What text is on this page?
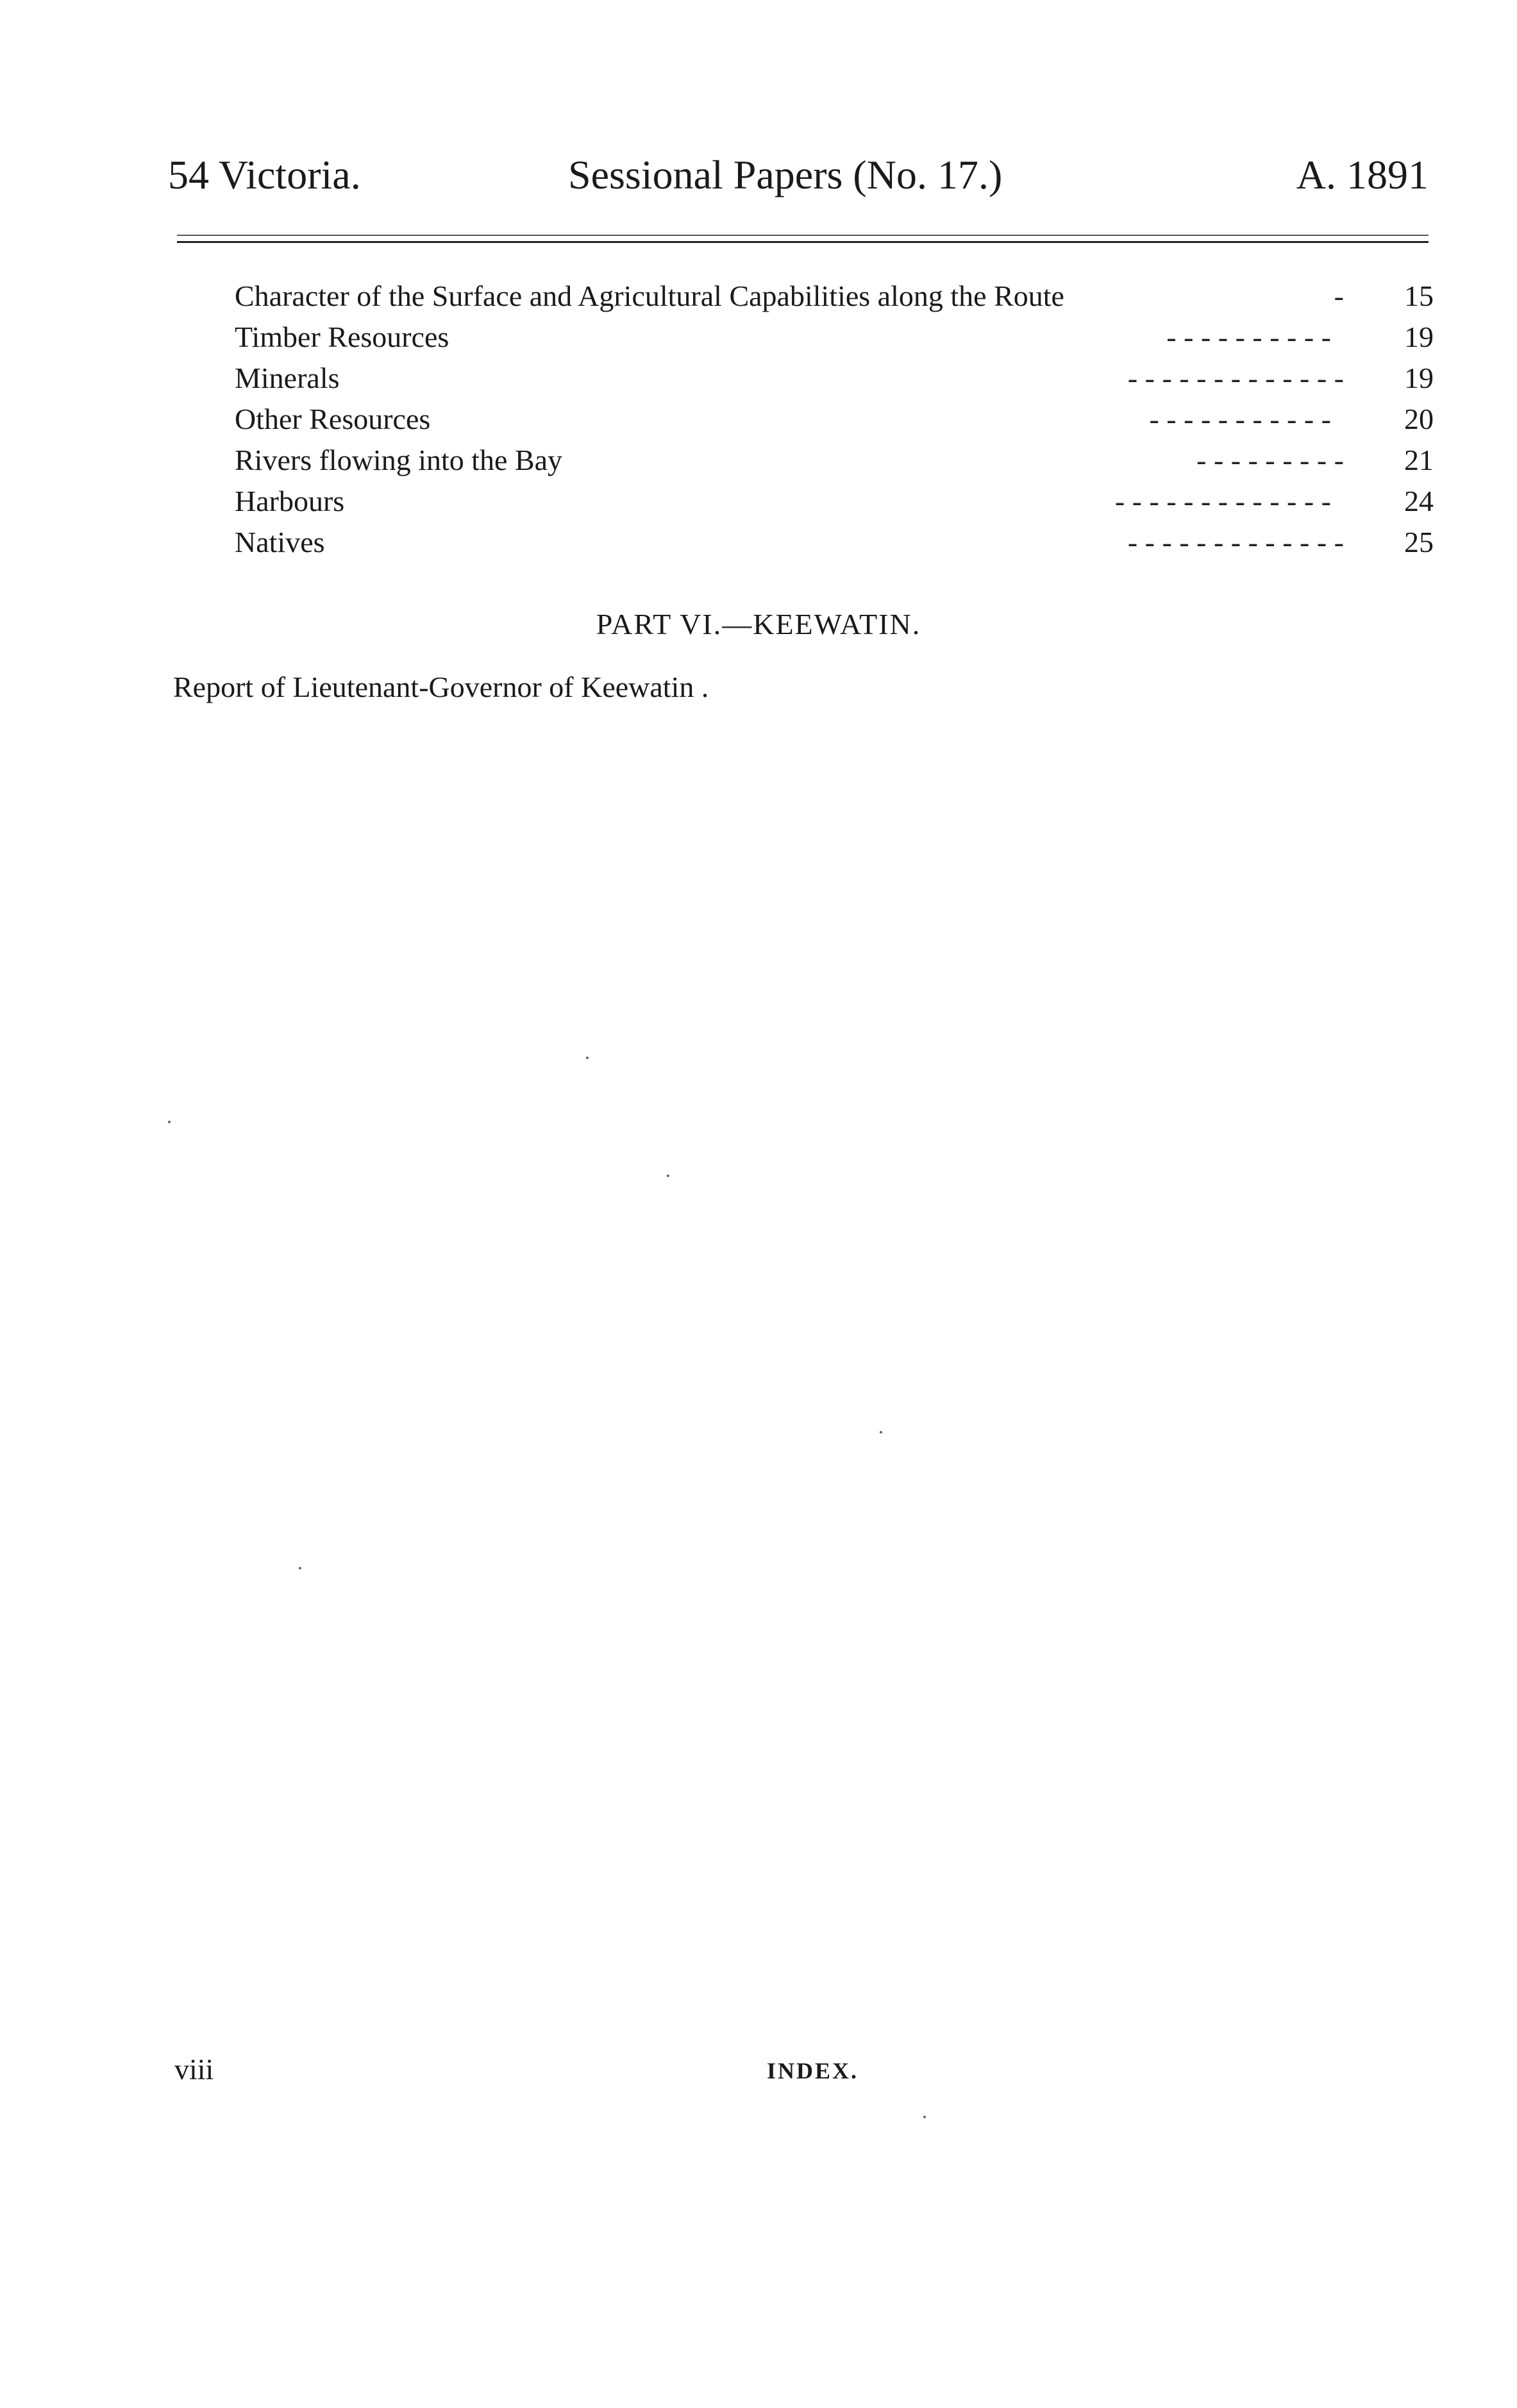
54 Victoria.	Sessional Papers (No. 17.)	A. 1891
Character of the Surface and Agricultural Capabilities along the Route	-	15
Timber Resources	- - - - - - - - - -	19
Minerals	- - - - - - - - - - - - -	19
Other Resources	- - - - - - - - - - -	20
Rivers flowing into the Bay	- - - - - - - - -	21
Harbours	- - - - - - - - - - - - -	24
Natives	- - - - - - - - - - - - -	25
PART VI.—KEEWATIN.
Report of Lieutenant-Governor of Keewatin .
viii	INDEX.
